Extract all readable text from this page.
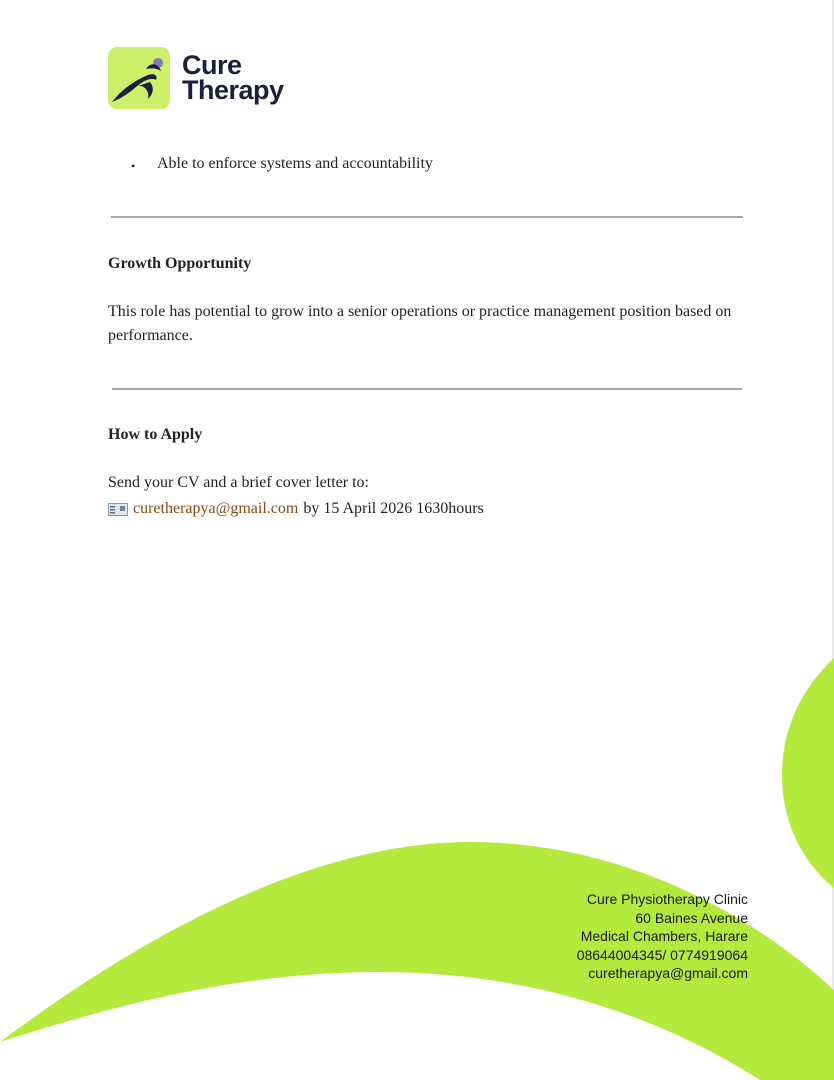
Cure
Therapy
•	Able to enforce systems and accountability
Growth Opportunity
This role has potential to grow into a senior operations or practice management position based on performance.
How to Apply
Send your CV and a brief cover letter to:
curetherapya@gmail.com by 15 April 2026 1630hours
Cure Physiotherapy Clinic
60 Baines Avenue
Medical Chambers, Harare
08644004345/ 0774919064
curetherapya@gmail.com
